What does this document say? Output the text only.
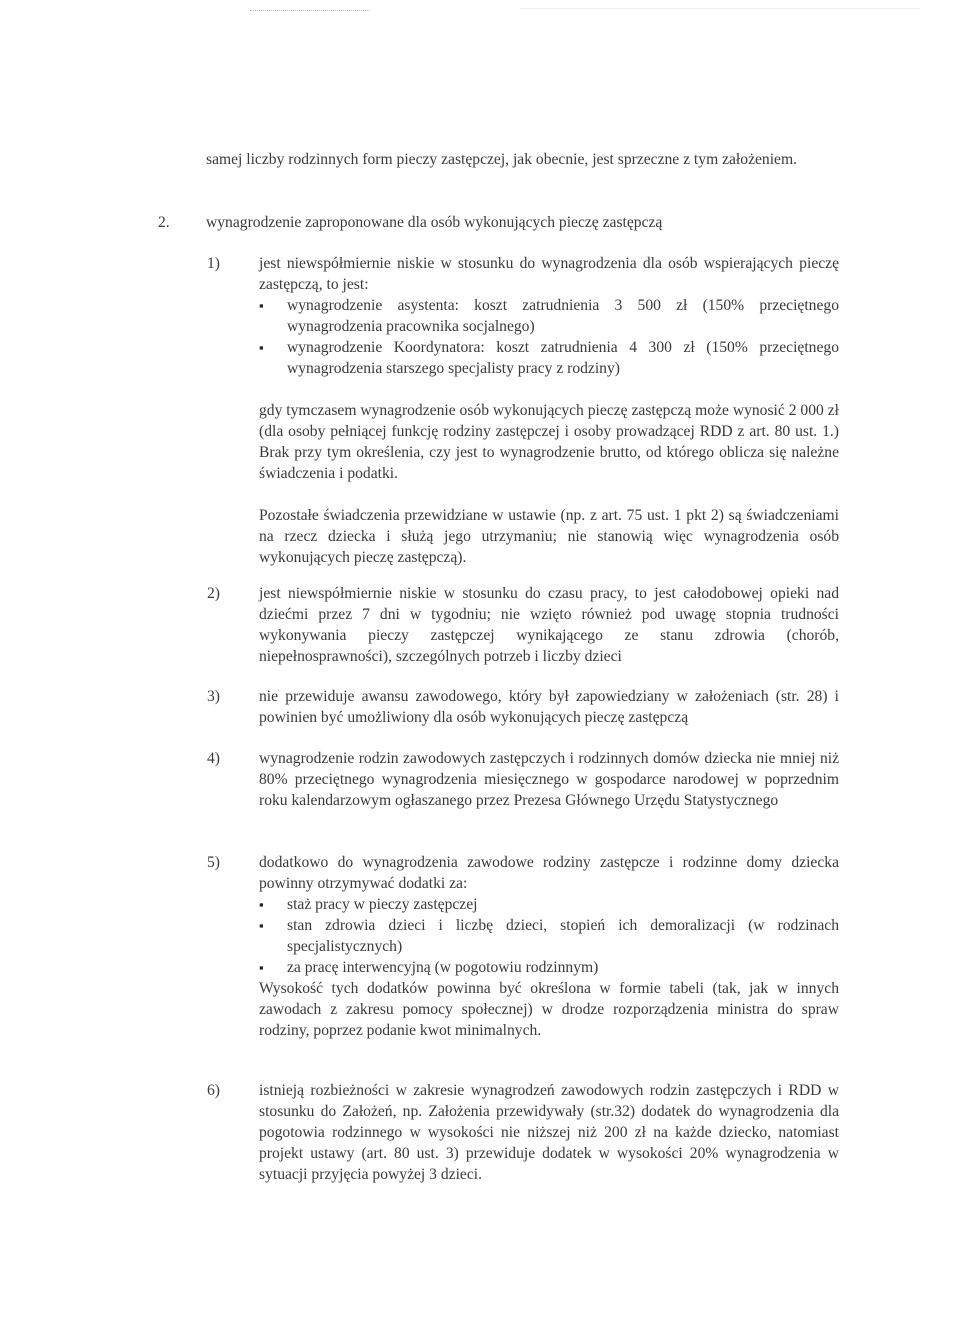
samej liczby rodzinnych form pieczy zastępczej, jak obecnie, jest sprzeczne z tym założeniem.

2. wynagrodzenie zaproponowane dla osób wykonujących pieczę zastępczą
1)	jest niewspółmiernie niskie w stosunku do wynagrodzenia dla osób wspierających pieczę zastępczą, to jest:

▪ wynagrodzenie asystenta: koszt zatrudnienia 3 500 zł (150% przeciętnego wynagrodzenia pracownika socjalnego)
▪ wynagrodzenie Koordynatora: koszt zatrudnienia 4 300 zł (150% przeciętnego wynagrodzenia starszego specjalisty pracy z rodziny)

gdy tymczasem wynagrodzenie osób wykonujących pieczę zastępczą może wynosić 2 000 zł (dla osoby pełniącej funkcję rodziny zastępczej i osoby prowadzącej RDD z art. 80 ust. 1.) Brak przy tym określenia, czy jest to wynagrodzenie brutto, od którego oblicza się należne świadczenia i podatki.

Pozostałe świadczenia przewidziane w ustawie (np. z art. 75 ust. 1 pkt 2) są świadczeniami na rzecz dziecka i służą jego utrzymaniu; nie stanowią więc wynagrodzenia osób wykonujących pieczę zastępczą).

2)	jest niewspółmiernie niskie w stosunku do czasu pracy, to jest całodobowej opieki nad dziećmi przez 7 dni w tygodniu; nie wzięto również pod uwagę stopnia trudności wykonywania pieczy zastępczej wynikającego ze stanu zdrowia (chorób, niepełnosprawności), szczególnych potrzeb i liczby dzieci

3)	nie przewiduje awansu zawodowego, który był zapowiedziany w założeniach (str. 28) i powinien być umożliwiony dla osób wykonujących pieczę zastępczą

4)	wynagrodzenie rodzin zawodowych zastępczych i rodzinnych domów dziecka nie mniej niż 80% przeciętnego wynagrodzenia miesięcznego w gospodarce narodowej w poprzednim roku kalendarzowym ogłaszanego przez Prezesa Głównego Urzędu Statystycznego

5)	dodatkowo do wynagrodzenia zawodowe rodziny zastępcze i rodzinne domy dziecka powinny otrzymywać dodatki za:

▪ staż pracy w pieczy zastępczej
▪ stan zdrowia dzieci i liczbę dzieci, stopień ich demoralizacji (w rodzinach specjalistycznych)
▪ za pracę interwencyjną (w pogotowiu rodzinnym)

Wysokość tych dodatków powinna być określona w formie tabeli (tak, jak w innych zawodach z zakresu pomocy społecznej) w drodze rozporządzenia ministra do spraw rodziny, poprzez podanie kwot minimalnych.

6)	istnieją rozbieżności w zakresie wynagrodzeń zawodowych rodzin zastępczych i RDD w stosunku do Założeń, np. Założenia przewidywały (str.32) dodatek do wynagrodzenia dla pogotowia rodzinnego w wysokości nie niższej niż 200 zł na każde dziecko, natomiast projekt ustawy (art. 80 ust. 3) przewiduje dodatek w wysokości 20% wynagrodzenia w sytuacji przyjęcia powyżej 3 dzieci.
